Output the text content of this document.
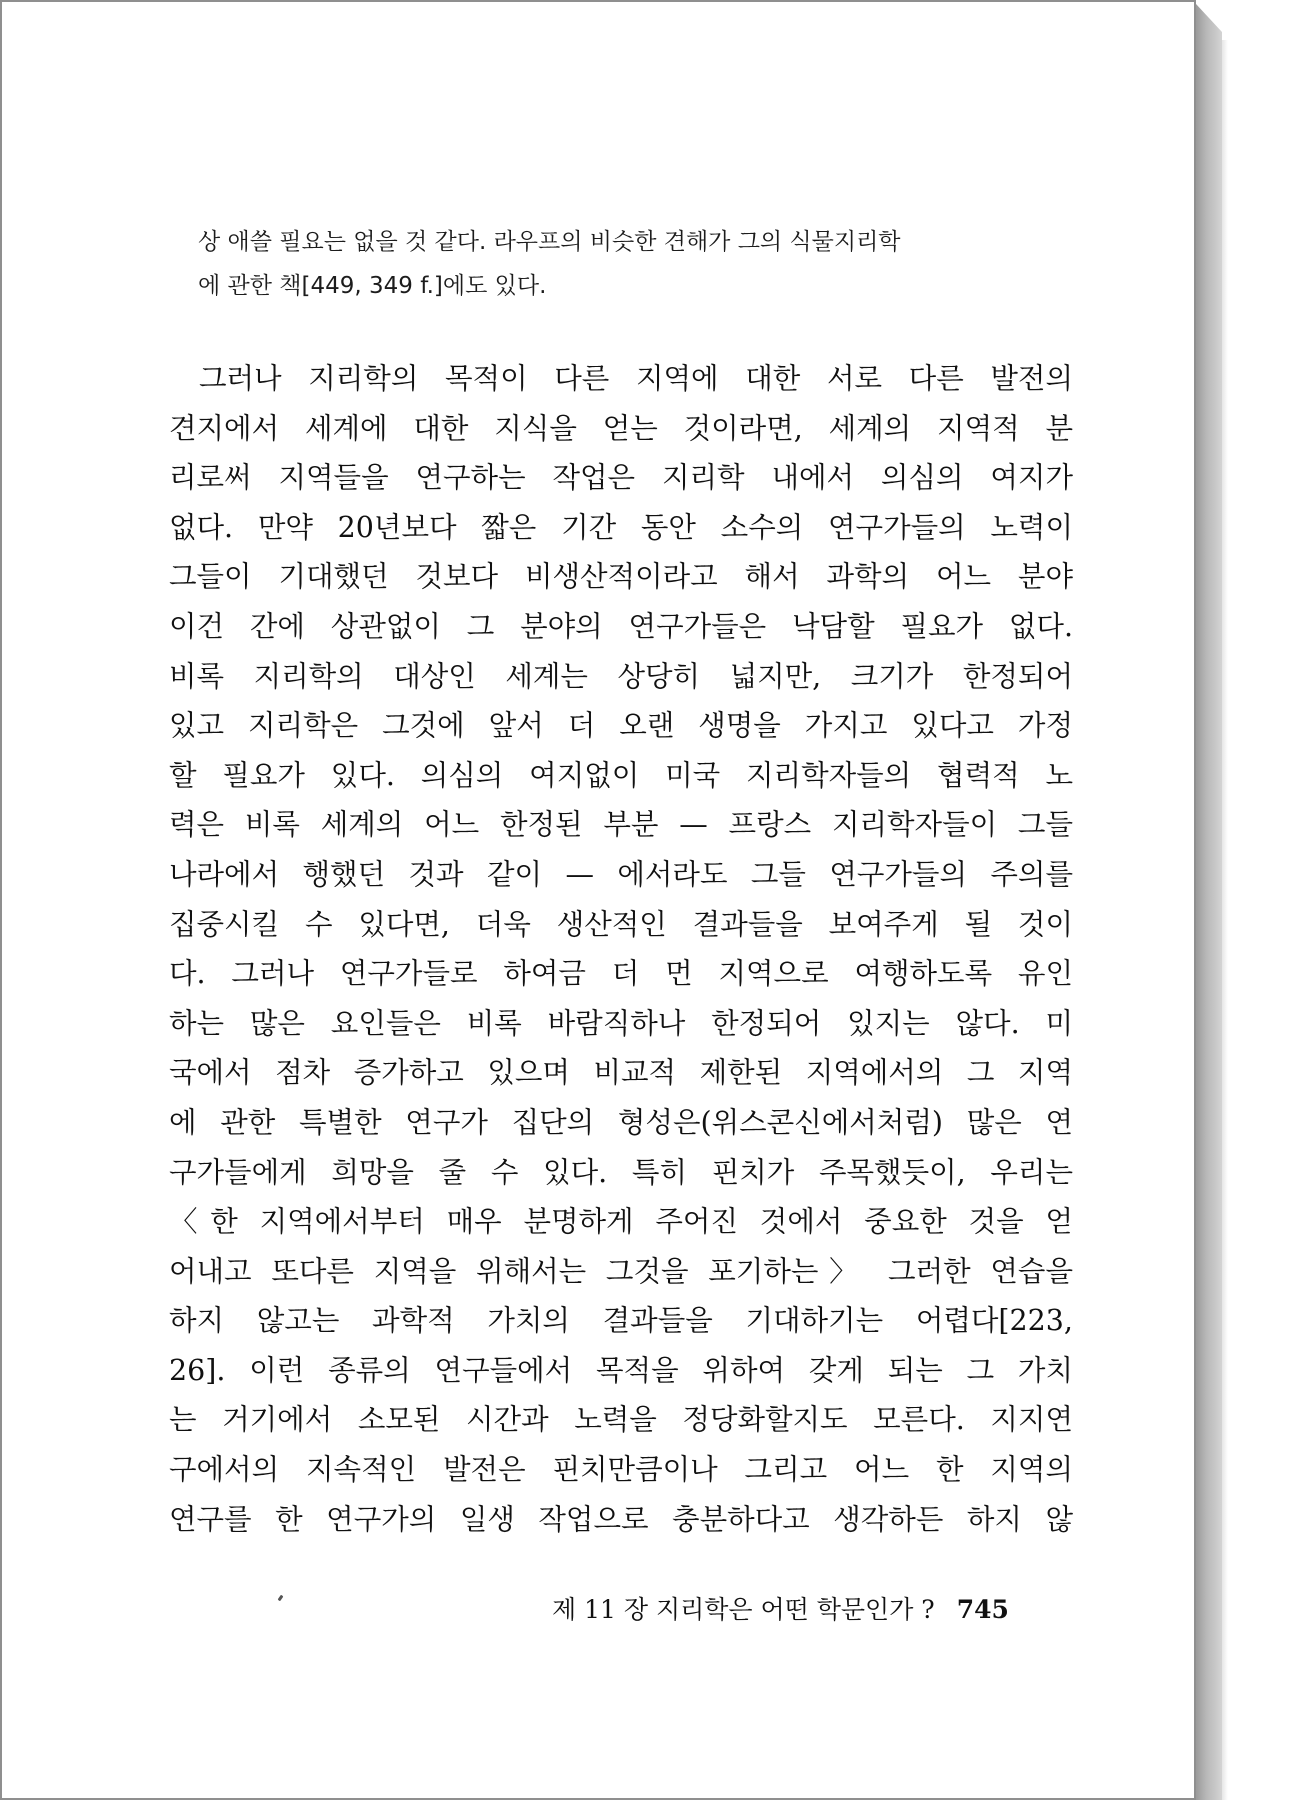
상 애쓸 필요는 없을 것 같다. 라우프의 비슷한 견해가 그의 식물지리학
에 관한 책[449, 349 f.]에도 있다.
그러나 지리학의 목적이 다른 지역에 대한 서로 다른 발전의
견지에서 세계에 대한 지식을 얻는 것이라면, 세계의 지역적 분
리로써 지역들을 연구하는 작업은 지리학 내에서 의심의 여지가
없다. 만약 20년보다 짧은 기간 동안 소수의 연구가들의 노력이
그들이 기대했던 것보다 비생산적이라고 해서 과학의 어느 분야
이건 간에 상관없이 그 분야의 연구가들은 낙담할 필요가 없다.
비록 지리학의 대상인 세계는 상당히 넓지만, 크기가 한정되어
있고 지리학은 그것에 앞서 더 오랜 생명을 가지고 있다고 가정
할 필요가 있다. 의심의 여지없이 미국 지리학자들의 협력적 노
력은 비록 세계의 어느 한정된 부분 — 프랑스 지리학자들이 그들
나라에서 행했던 것과 같이 — 에서라도 그들 연구가들의 주의를
집중시킬 수 있다면, 더욱 생산적인 결과들을 보여주게 될 것이
다. 그러나 연구가들로 하여금 더 먼 지역으로 여행하도록 유인
하는 많은 요인들은 비록 바람직하나 한정되어 있지는 않다. 미
국에서 점차 증가하고 있으며 비교적 제한된 지역에서의 그 지역
에 관한 특별한 연구가 집단의 형성은(위스콘신에서처럼) 많은 연
구가들에게 희망을 줄 수 있다. 특히 핀치가 주목했듯이, 우리는
〈한 지역에서부터 매우 분명하게 주어진 것에서 중요한 것을 얻
어내고 또다른 지역을 위해서는 그것을 포기하는〉 그러한 연습을
하지 않고는 과학적 가치의 결과들을 기대하기는 어렵다[223,
26]. 이런 종류의 연구들에서 목적을 위하여 갖게 되는 그 가치
는 거기에서 소모된 시간과 노력을 정당화할지도 모른다. 지지연
구에서의 지속적인 발전은 핀치만큼이나 그리고 어느 한 지역의
연구를 한 연구가의 일생 작업으로 충분하다고 생각하든 하지 않
제 11 장 지리학은 어떤 학문인가 ? 745
